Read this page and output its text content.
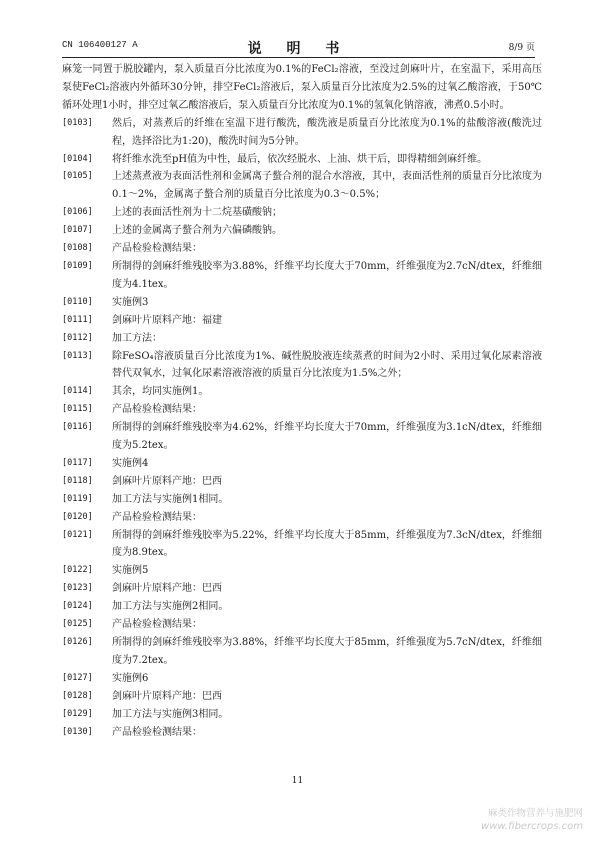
CN 106400127 A	说 明 书	8/9 页
麻笼一同置于脱胶罐内，泵入质量百分比浓度为0.1%的FeCl₂溶液，至没过剑麻叶片，在室温下，采用高压泵使FeCl₂溶液内外循环30分钟，排空FeCl₂溶液后，泵入质量百分比浓度为2.5%的过氧乙酸溶液，于50℃循环处理1小时，排空过氧乙酸溶液后，泵入质量百分比浓度为0.1%的氢氧化钠溶液，沸煮0.5小时。
[0103]	然后，对蒸煮后的纤维在室温下进行酸洗，酸洗液是质量百分比浓度为0.1%的盐酸溶液(酸洗过程，选择浴比为1:20)，酸洗时间为5分钟。
[0104]	将纤维水洗至pH值为中性，最后，依次经脱水、上油、烘干后，即得精细剑麻纤维。
[0105]	上述蒸煮液为表面活性剂和金属离子螯合剂的混合水溶液，其中，表面活性剂的质量百分比浓度为0.1～2%，金属离子螯合剂的质量百分比浓度为0.3～0.5%；
[0106]	上述的表面活性剂为十二烷基磺酸钠；
[0107]	上述的金属离子螯合剂为六偏磷酸钠。
[0108]	产品检验检测结果：
[0109]	所制得的剑麻纤维残胶率为3.88%，纤维平均长度大于70mm，纤维强度为2.7cN/dtex，纤维细度为4.1tex。
[0110]	实施例3
[0111]	剑麻叶片原料产地：福建
[0112]	加工方法：
[0113]	除FeSO₄溶液质量百分比浓度为1%、碱性脱胶液连续蒸煮的时间为2小时、采用过氧化尿素溶液替代双氧水，过氧化尿素溶液溶液的质量百分比浓度为1.5%之外；
[0114]	其余，均同实施例1。
[0115]	产品检验检测结果：
[0116]	所制得的剑麻纤维残胶率为4.62%，纤维平均长度大于70mm，纤维强度为3.1cN/dtex，纤维细度为5.2tex。
[0117]	实施例4
[0118]	剑麻叶片原料产地：巴西
[0119]	加工方法与实施例1相同。
[0120]	产品检验检测结果：
[0121]	所制得的剑麻纤维残胶率为5.22%，纤维平均长度大于85mm，纤维强度为7.3cN/dtex，纤维细度为8.9tex。
[0122]	实施例5
[0123]	剑麻叶片原料产地：巴西
[0124]	加工方法与实施例2相同。
[0125]	产品检验检测结果：
[0126]	所制得的剑麻纤维残胶率为3.88%，纤维平均长度大于85mm，纤维强度为5.7cN/dtex，纤维细度为7.2tex。
[0127]	实施例6
[0128]	剑麻叶片原料产地：巴西
[0129]	加工方法与实施例3相同。
[0130]	产品检验检测结果：
11
麻类作物营养与施肥网
www.fibercrops.com
